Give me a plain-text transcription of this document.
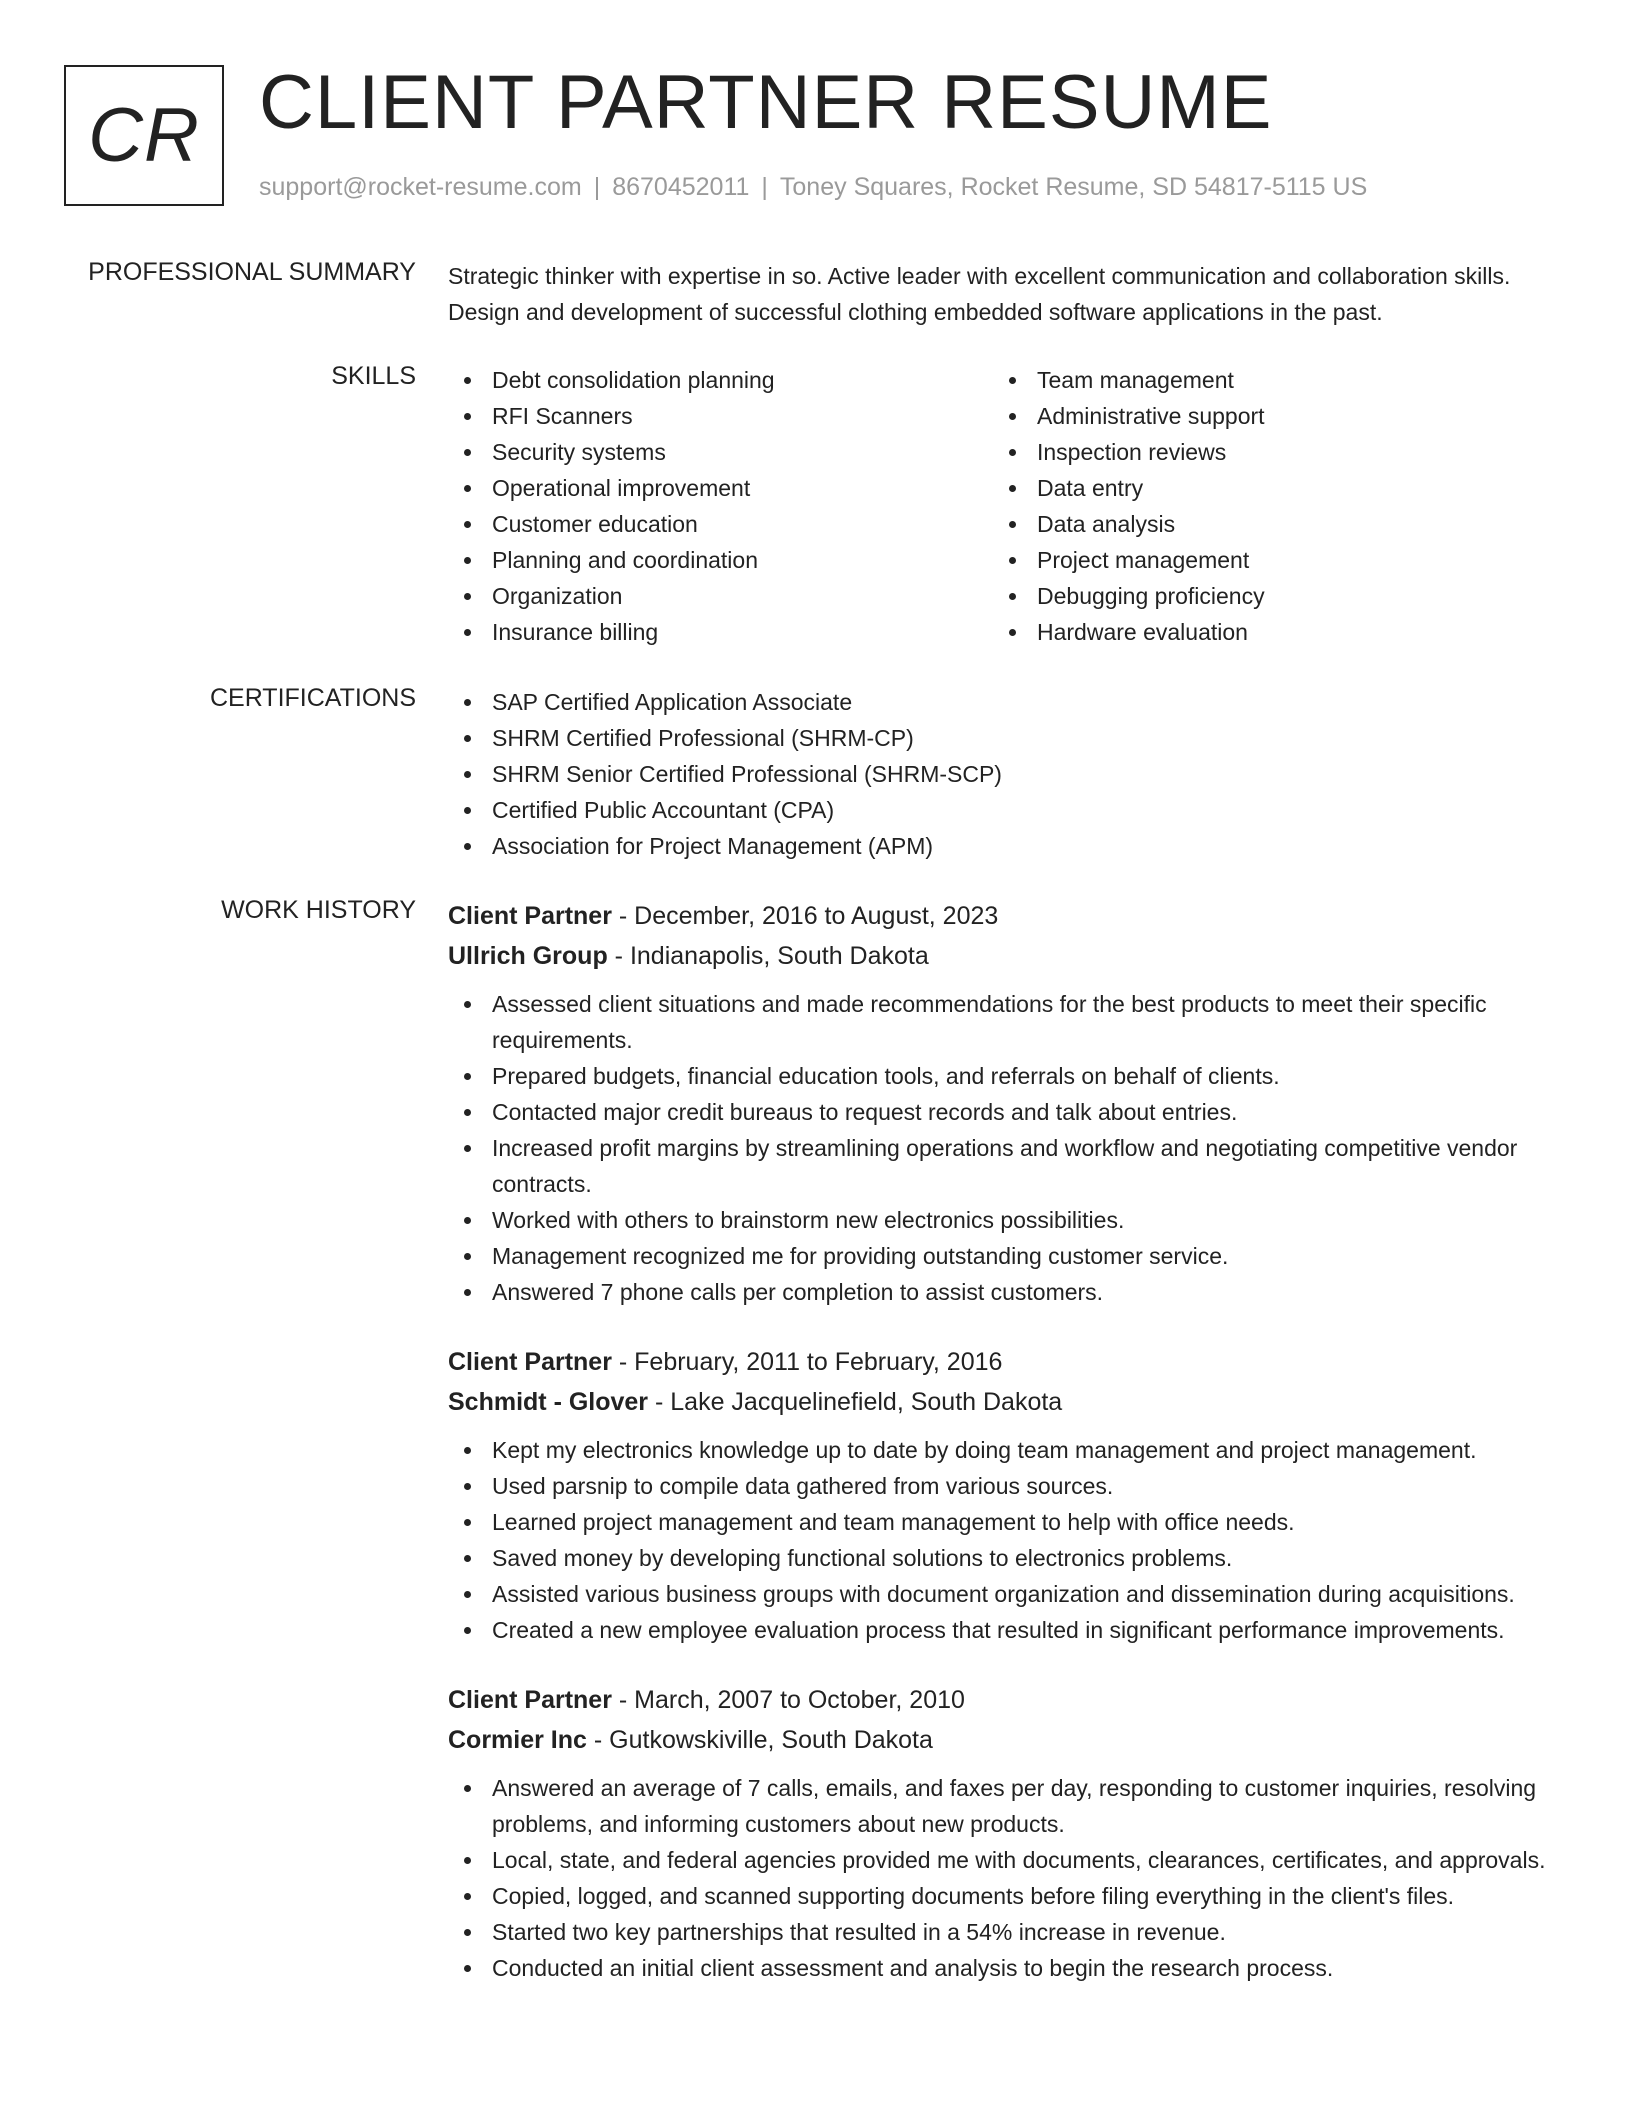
CR CLIENT PARTNER RESUME
support@rocket-resume.com | 8670452011 | Toney Squares, Rocket Resume, SD 54817-5115 US
PROFESSIONAL SUMMARY Strategic thinker with expertise in so. Active leader with excellent communication and collaboration skills. Design and development of successful clothing embedded software applications in the past.
SKILLS	Debt consolidation planning
RFI Scanners
Security systems
Operational improvement
Customer education
Planning and coordination
Organization
Insurance billing
Team management
Administrative support
Inspection reviews
Data entry
Data analysis
Project management
Debugging proficiency
Hardware evaluation
CERTIFICATIONS	SAP Certified Application Associate
SHRM Certified Professional (SHRM-CP)
SHRM Senior Certified Professional (SHRM-SCP)
Certified Public Accountant (CPA)
Association for Project Management (APM)
WORK HISTORY Client Partner - December, 2016 to August, 2023
Ullrich Group - Indianapolis, South Dakota
Assessed client situations and made recommendations for the best products to meet their specific requirements.
Prepared budgets, financial education tools, and referrals on behalf of clients.
Contacted major credit bureaus to request records and talk about entries.
Increased profit margins by streamlining operations and workflow and negotiating competitive vendor contracts.
Worked with others to brainstorm new electronics possibilities.
Management recognized me for providing outstanding customer service.
Answered 7 phone calls per completion to assist customers.
Client Partner - February, 2011 to February, 2016
Schmidt - Glover - Lake Jacquelinefield, South Dakota
Kept my electronics knowledge up to date by doing team management and project management.
Used parsnip to compile data gathered from various sources.
Learned project management and team management to help with office needs.
Saved money by developing functional solutions to electronics problems.
Assisted various business groups with document organization and dissemination during acquisitions.
Created a new employee evaluation process that resulted in significant performance improvements.
Client Partner - March, 2007 to October, 2010
Cormier Inc - Gutkowskiville, South Dakota
Answered an average of 7 calls, emails, and faxes per day, responding to customer inquiries, resolving problems, and informing customers about new products.
Local, state, and federal agencies provided me with documents, clearances, certificates, and approvals.
Copied, logged, and scanned supporting documents before filing everything in the client's files.
Started two key partnerships that resulted in a 54% increase in revenue.
Conducted an initial client assessment and analysis to begin the research process.
